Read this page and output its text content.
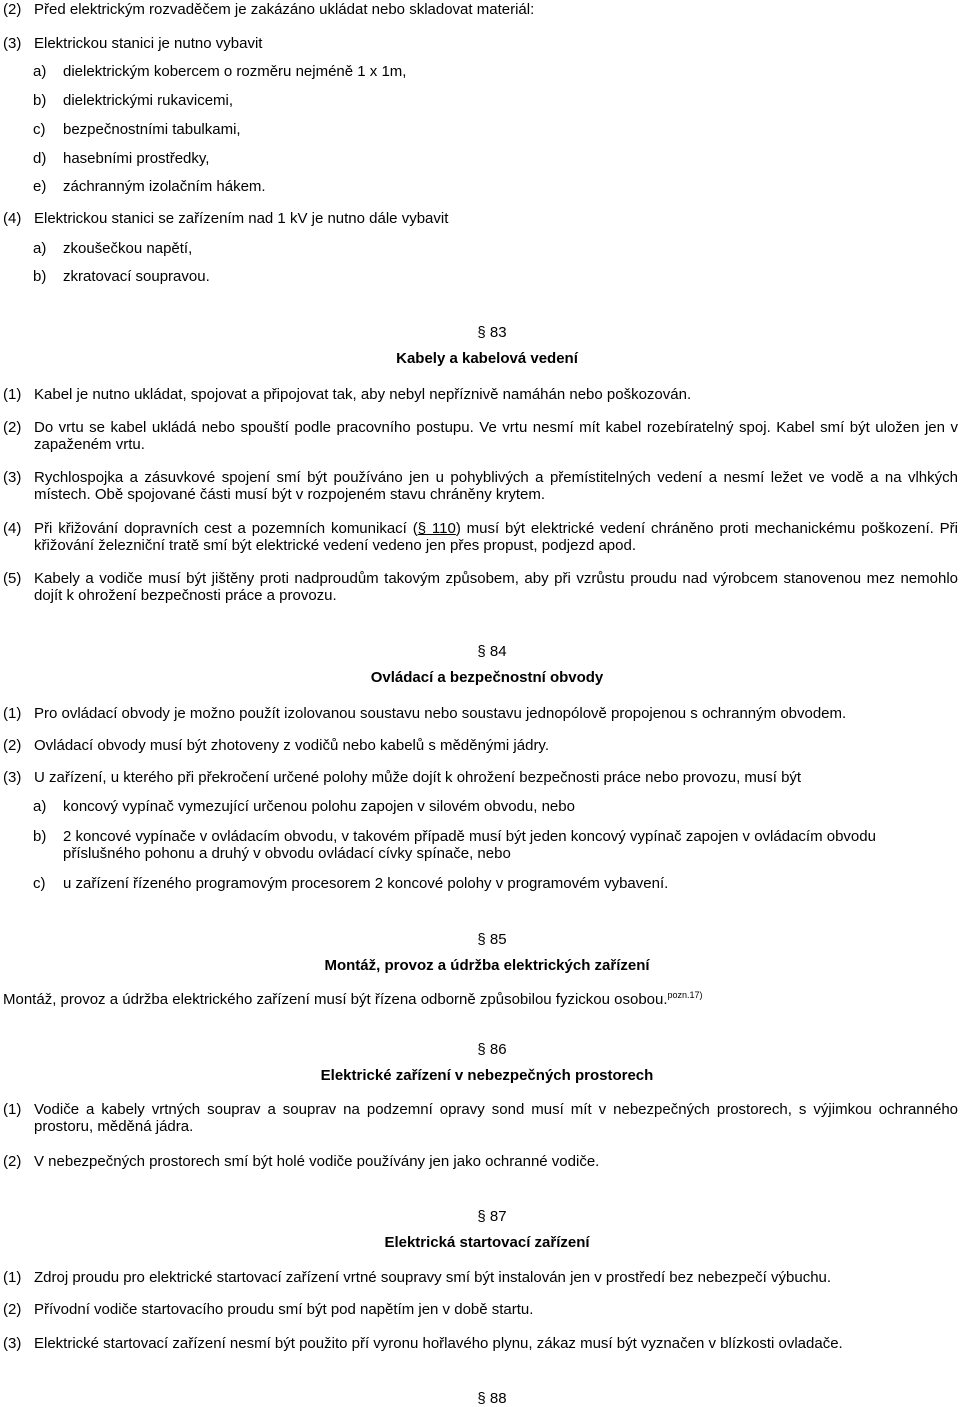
(2) Před elektrickým rozvaděčem je zakázáno ukládat nebo skladovat materiál:
(3) Elektrickou stanici je nutno vybavit
a) dielektrickým kobercem o rozměru nejméně 1 x 1m,
b) dielektrickými rukavicemi,
c) bezpečnostními tabulkami,
d) hasebními prostředky,
e) záchranným izolačním hákem.
(4) Elektrickou stanici se zařízením nad 1 kV je nutno dále vybavit
a) zkoušečkou napětí,
b) zkratovací soupravou.
§ 83
Kabely a kabelová vedení
(1) Kabel je nutno ukládat, spojovat a připojovat tak, aby nebyl nepříznivě namáhán nebo poškozován.
(2) Do vrtu se kabel ukládá nebo spouští podle pracovního postupu. Ve vrtu nesmí mít kabel rozebíratelný spoj. Kabel smí být uložen jen v zapaženém vrtu.
(3) Rychlospojka a zásuvkové spojení smí být používáno jen u pohyblivých a přemístitelných vedení a nesmí ležet ve vodě a na vlhkých místech. Obě spojované části musí být v rozpojeném stavu chráněny krytem.
(4) Při křižování dopravních cest a pozemních komunikací (§ 110) musí být elektrické vedení chráněno proti mechanickému poškození. Při křižování železniční tratě smí být elektrické vedení vedeno jen přes propust, podjezd apod.
(5) Kabely a vodiče musí být jištěny proti nadproudům takovým způsobem, aby při vzrůstu proudu nad výrobcem stanovenou mez nemohlo dojít k ohrožení bezpečnosti práce a provozu.
§ 84
Ovládací a bezpečnostní obvody
(1) Pro ovládací obvody je možno použít izolovanou soustavu nebo soustavu jednopólově propojenou s ochranným obvodem.
(2) Ovládací obvody musí být zhotoveny z vodičů nebo kabelů s měděnými jádry.
(3) U zařízení, u kterého při překročení určené polohy může dojít k ohrožení bezpečnosti práce nebo provozu, musí být
a) koncový vypínač vymezující určenou polohu zapojen v silovém obvodu, nebo
b) 2 koncové vypínače v ovládacím obvodu, v takovém případě musí být jeden koncový vypínač zapojen v ovládacím obvodu příslušného pohonu a druhý v obvodu ovládací cívky spínače, nebo
c) u zařízení řízeného programovým procesorem 2 koncové polohy v programovém vybavení.
§ 85
Montáž, provoz a údržba elektrických zařízení
Montáž, provoz a údržba elektrického zařízení musí být řízena odborně způsobilou fyzickou osobou.$^{pozn.17)}$
§ 86
Elektrické zařízení v nebezpečných prostorech
(1) Vodiče a kabely vrtných souprav a souprav na podzemní opravy sond musí mít v nebezpečných prostorech, s výjimkou ochranného prostoru, měděná jádra.
(2) V nebezpečných prostorech smí být holé vodiče používány jen jako ochranné vodiče.
§ 87
Elektrická startovací zařízení
(1) Zdroj proudu pro elektrické startovací zařízení vrtné soupravy smí být instalován jen v prostředí bez nebezpečí výbuchu.
(2) Přívodní vodiče startovacího proudu smí být pod napětím jen v době startu.
(3) Elektrické startovací zařízení nesmí být použito pří vyronu hořlavého plynu, zákaz musí být vyznačen v blízkosti ovladače.
§ 88
